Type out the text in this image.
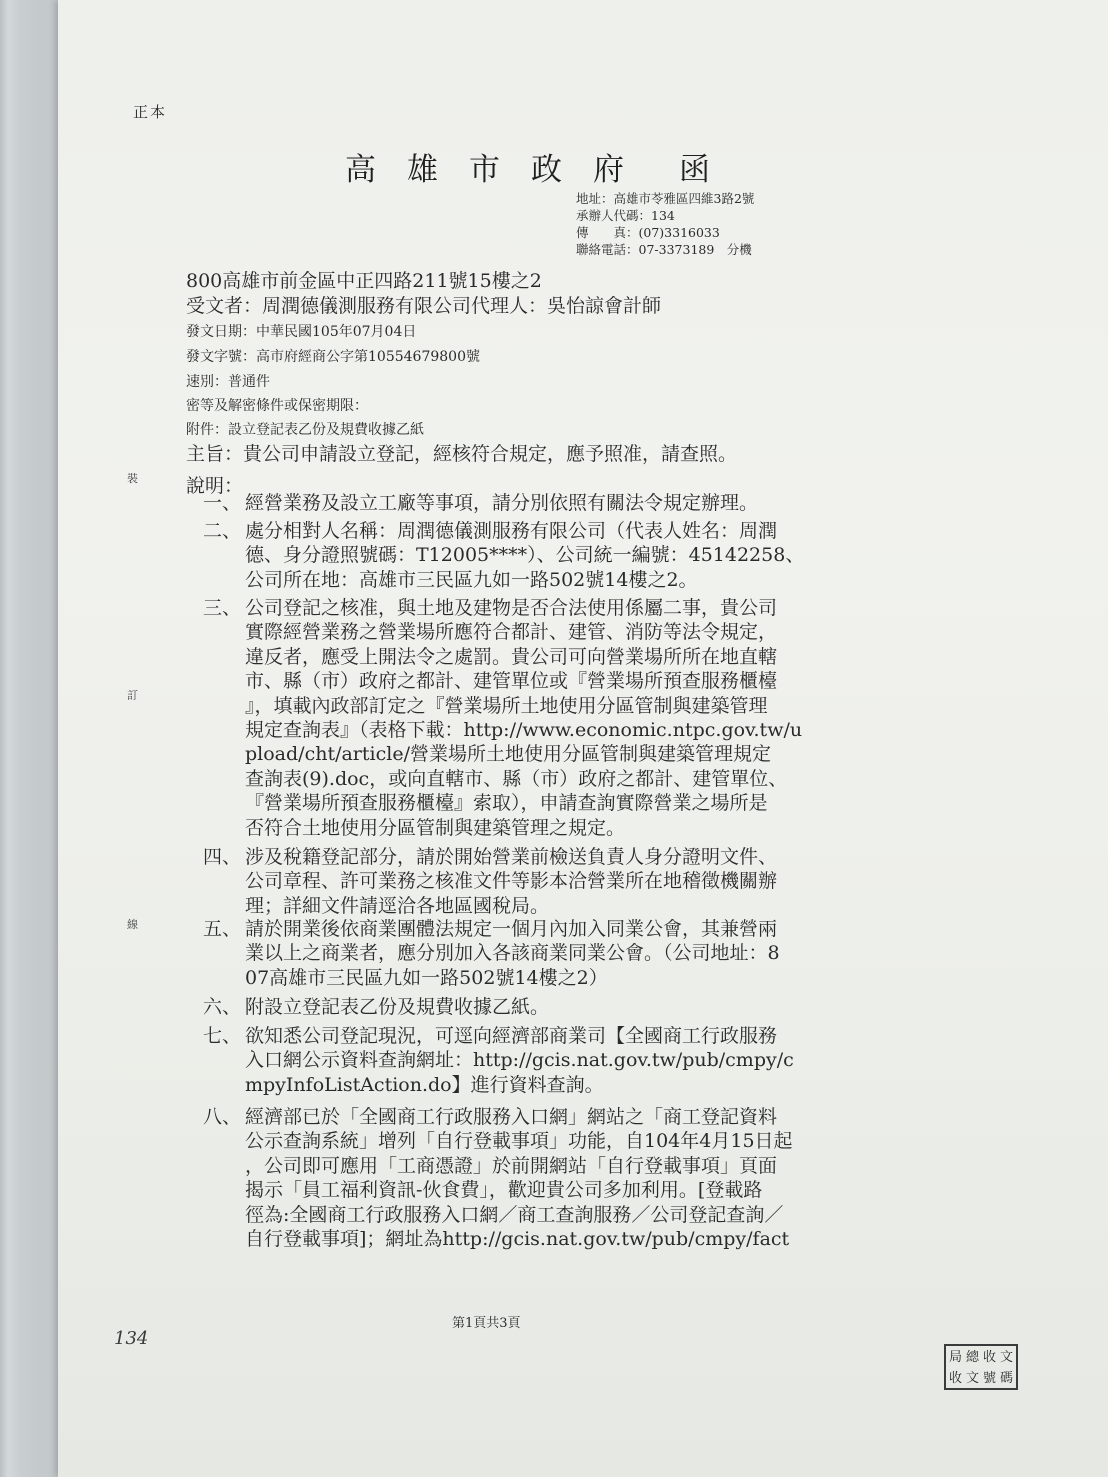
正本
高 雄 市 政 府 函
地址：高雄市苓雅區四維3路2號
承辦人代碼：134
傳　　真：(07)3316033
聯絡電話：07-3373189　分機
800高雄市前金區中正四路211號15樓之2
受文者：周潤德儀測服務有限公司代理人：吳怡諒會計師
發文日期：中華民國105年07月04日
發文字號：高市府經商公字第10554679800號
速別：普通件
密等及解密條件或保密期限：
附件：設立登記表乙份及規費收據乙紙
主旨：貴公司申請設立登記，經核符合規定，應予照准，請查照。
說明：
一、 經營業務及設立工廠等事項，請分別依照有關法令規定辦理。
二、 處分相對人名稱：周潤德儀測服務有限公司（代表人姓名：周潤
德、身分證照號碼：T12005****）、公司統一編號：45142258、
公司所在地：高雄市三民區九如一路502號14樓之2。
三、 公司登記之核准，與土地及建物是否合法使用係屬二事，貴公司
實際經營業務之營業場所應符合都計、建管、消防等法令規定，
違反者，應受上開法令之處罰。貴公司可向營業場所所在地直轄
市、縣（市）政府之都計、建管單位或『營業場所預查服務櫃檯
』，填載內政部訂定之『營業場所土地使用分區管制與建築管理
規定查詢表』（表格下載：http://www.economic.ntpc.gov.tw/u
pload/cht/article/營業場所土地使用分區管制與建築管理規定
查詢表(9).doc，或向直轄市、縣（市）政府之都計、建管單位、
『營業場所預查服務櫃檯』索取），申請查詢實際營業之場所是
否符合土地使用分區管制與建築管理之規定。
四、 涉及稅籍登記部分，請於開始營業前檢送負責人身分證明文件、
公司章程、許可業務之核准文件等影本洽營業所在地稽徵機關辦
理；詳細文件請逕洽各地區國稅局。
五、 請於開業後依商業團體法規定一個月內加入同業公會，其兼營兩
業以上之商業者，應分別加入各該商業同業公會。（公司地址：8
07高雄市三民區九如一路502號14樓之2）
六、 附設立登記表乙份及規費收據乙紙。
七、 欲知悉公司登記現況，可逕向經濟部商業司【全國商工行政服務
入口網公示資料查詢網址：http://gcis.nat.gov.tw/pub/cmpy/c
mpyInfoListAction.do】進行資料查詢。
八、 經濟部已於「全國商工行政服務入口網」網站之「商工登記資料
公示查詢系統」增列「自行登載事項」功能，自104年4月15日起
，公司即可應用「工商憑證」於前開網站「自行登載事項」頁面
揭示「員工福利資訊-伙食費」，歡迎貴公司多加利用。[登載路
徑為:全國商工行政服務入口網／商工查詢服務／公司登記查詢／
自行登載事項]；網址為http://gcis.nat.gov.tw/pub/cmpy/fact
裝
訂
線
第1頁共3頁
134
局 總 收 文
收 文 號 碼
